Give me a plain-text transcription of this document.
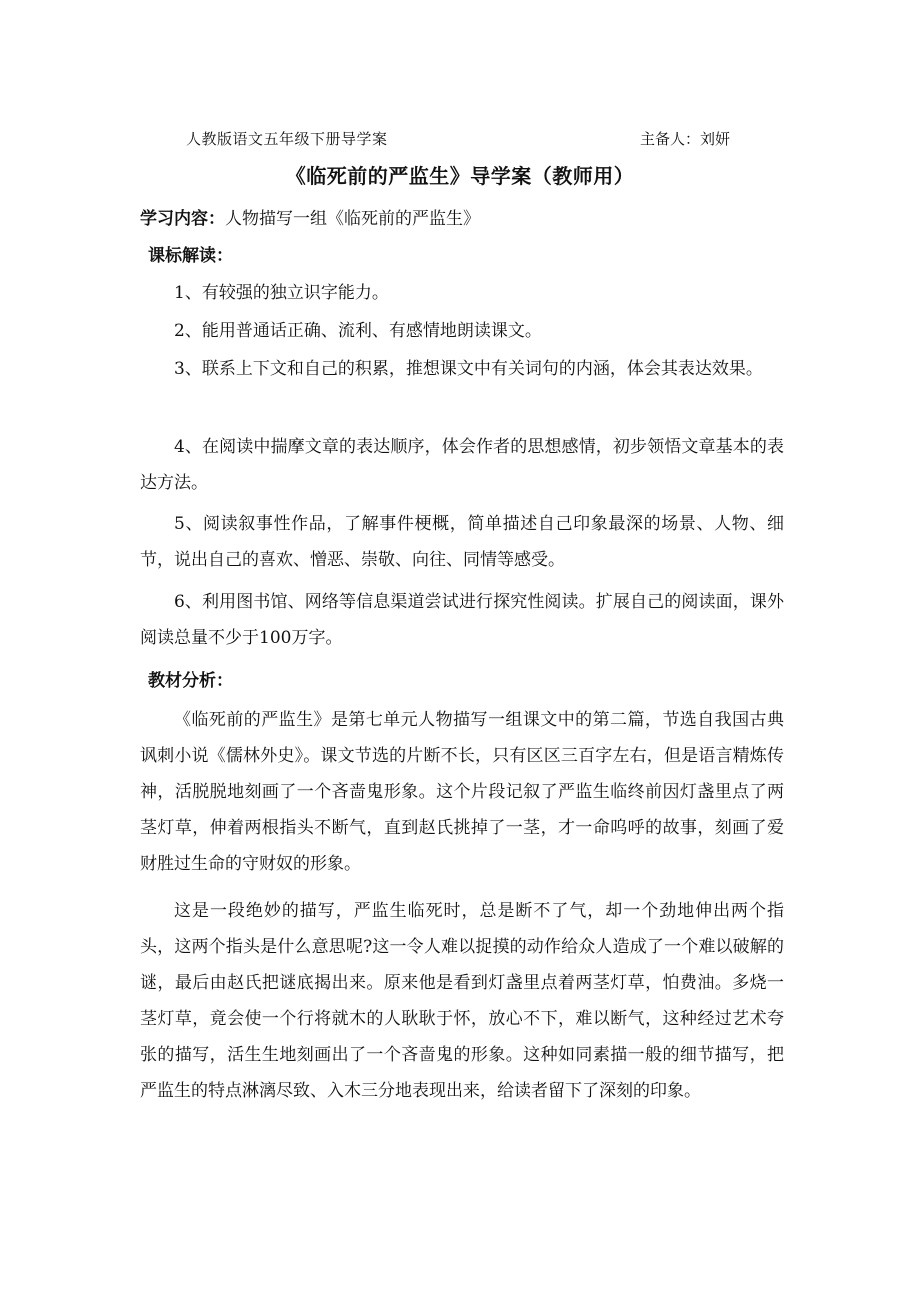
人教版语文五年级下册导学案	主备人：刘妍
《临死前的严监生》导学案（教师用）
学习内容：人物描写一组《临死前的严监生》
课标解读：

1、有较强的独立识字能力。

2、能用普通话正确、流利、有感情地朗读课文。

3、联系上下文和自己的积累，推想课文中有关词句的内涵，体会其表达效果。

4、在阅读中揣摩文章的表达顺序，体会作者的思想感情，初步领悟文章基本的表达方法。

5、阅读叙事性作品，了解事件梗概，简单描述自己印象最深的场景、人物、细节，说出自己的喜欢、憎恶、崇敬、向往、同情等感受。

6、利用图书馆、网络等信息渠道尝试进行探究性阅读。扩展自己的阅读面，课外阅读总量不少于100万字。

教材分析：

《临死前的严监生》是第七单元人物描写一组课文中的第二篇，节选自我国古典讽刺小说《儒林外史》。课文节选的片断不长，只有区区三百字左右，但是语言精炼传神，活脱脱地刻画了一个吝啬鬼形象。这个片段记叙了严监生临终前因灯盏里点了两茎灯草，伸着两根指头不断气，直到赵氏挑掉了一茎，才一命呜呼的故事，刻画了爱财胜过生命的守财奴的形象。

这是一段绝妙的描写，严监生临死时，总是断不了气，却一个劲地伸出两个指头，这两个指头是什么意思呢?这一令人难以捉摸的动作给众人造成了一个难以破解的谜，最后由赵氏把谜底揭出来。原来他是看到灯盏里点着两茎灯草，怕费油。多烧一茎灯草，竟会使一个行将就木的人耿耿于怀，放心不下，难以断气，这种经过艺术夸张的描写，活生生地刻画出了一个吝啬鬼的形象。这种如同素描一般的细节描写，把严监生的特点淋漓尽致、入木三分地表现出来，给读者留下了深刻的印象。
